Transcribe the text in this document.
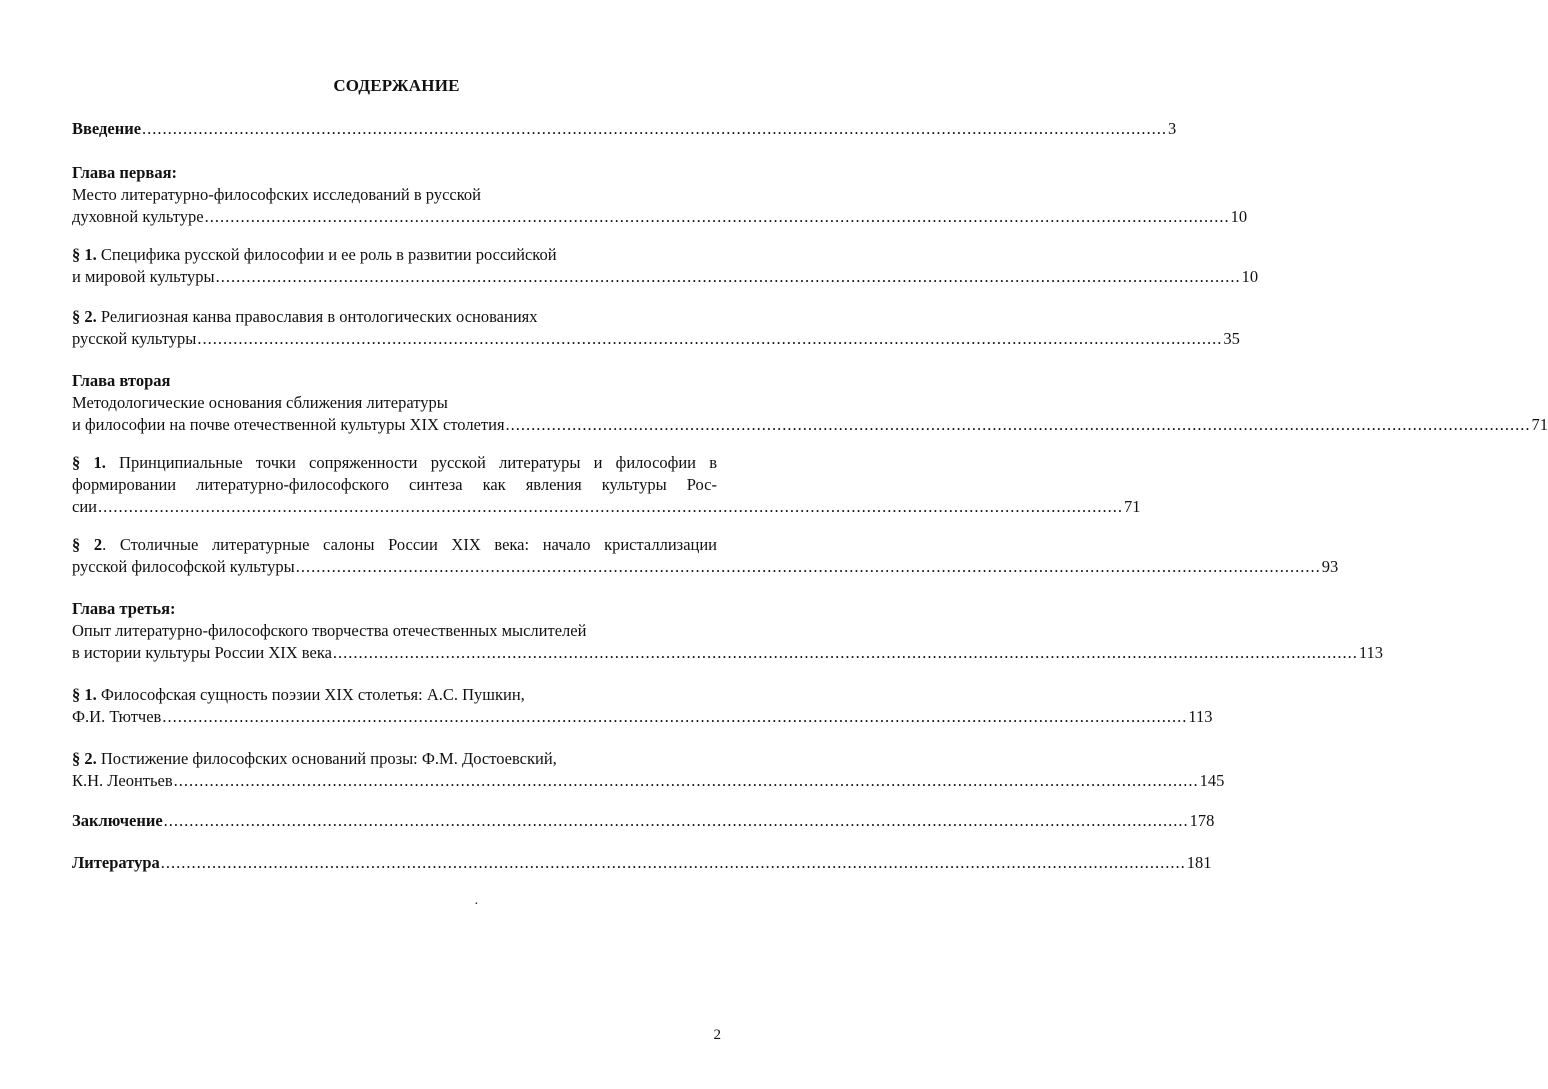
СОДЕРЖАНИЕ
Введение ........................................................................................................................................................................................................ 3
Глава первая:
Место литературно-философских исследований в русской
духовной культуре ........................................................................................................................................................................................................ 10
§ 1. Специфика русской философии и ее роль в развитии российской
и мировой культуры ........................................................................................................................................................................................................ 10
§ 2. Религиозная канва православия в онтологических основаниях
русской культуры ........................................................................................................................................................................................................ 35
Глава вторая
Методологические основания сближения литературы
и философии на почве отечественной культуры XIX столетия ........................................................................................................................................................................................................ 71
§ 1. Принципиальные точки сопряженности русской литературы и философии в
формировании литературно-философского синтеза как явления культуры Рос-
сии ........................................................................................................................................................................................................ 71
§ 2. Столичные литературные салоны России XIX века: начало кристаллизации
русской философской культуры ........................................................................................................................................................................................................ 93
Глава третья:
Опыт литературно-философского творчества отечественных мыслителей
в истории культуры России XIX века ........................................................................................................................................................................................................ 113
§ 1. Философская сущность поэзии XIX столетья: А.С. Пушкин,
Ф.И. Тютчев ........................................................................................................................................................................................................ 113
§ 2. Постижение философских оснований прозы: Ф.М. Достоевский,
К.Н. Леонтьев ........................................................................................................................................................................................................ 145
Заключение ........................................................................................................................................................................................................ 178
Литература ........................................................................................................................................................................................................ 181
·
2
